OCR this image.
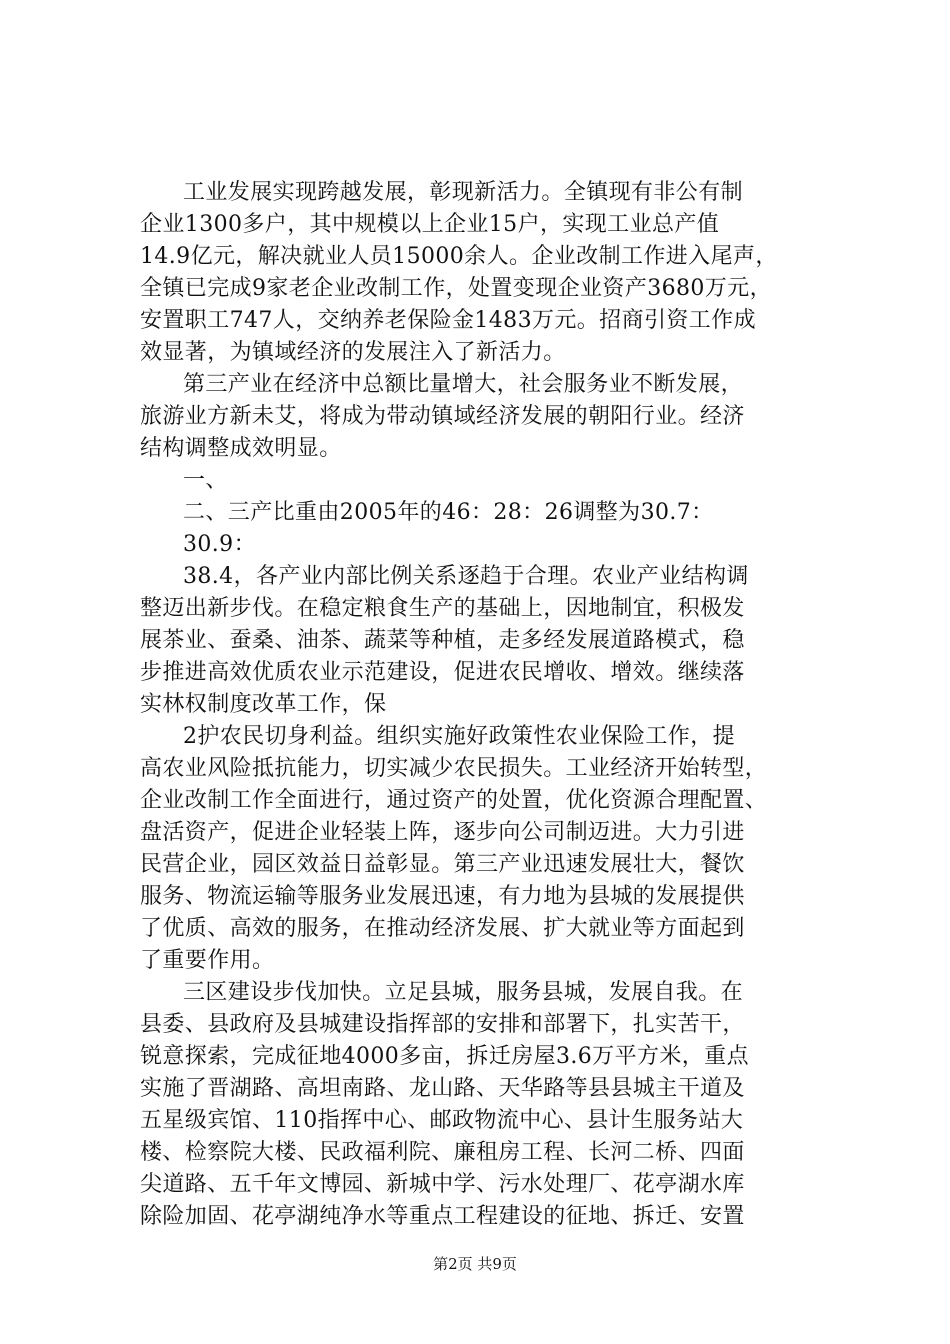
工业发展实现跨越发展，彰现新活力。全镇现有非公有制
企业1300多户，其中规模以上企业15户，实现工业总产值
14.9亿元，解决就业人员15000余人。企业改制工作进入尾声，
全镇已完成9家老企业改制工作，处置变现企业资产3680万元，
安置职工747人，交纳养老保险金1483万元。招商引资工作成
效显著，为镇域经济的发展注入了新活力。
第三产业在经济中总额比量增大，社会服务业不断发展，
旅游业方新未艾，将成为带动镇域经济发展的朝阳行业。经济
结构调整成效明显。
一、
二、三产比重由2005年的46：28：26调整为30.7：
30.9：
38.4，各产业内部比例关系逐趋于合理。农业产业结构调
整迈出新步伐。在稳定粮食生产的基础上，因地制宜，积极发
展茶业、蚕桑、油茶、蔬菜等种植，走多经发展道路模式，稳
步推进高效优质农业示范建设，促进农民增收、增效。继续落
实林权制度改革工作，保
2护农民切身利益。组织实施好政策性农业保险工作，提
高农业风险抵抗能力，切实减少农民损失。工业经济开始转型，
企业改制工作全面进行，通过资产的处置，优化资源合理配置、
盘活资产，促进企业轻装上阵，逐步向公司制迈进。大力引进
民营企业，园区效益日益彰显。第三产业迅速发展壮大，餐饮
服务、物流运输等服务业发展迅速，有力地为县城的发展提供
了优质、高效的服务，在推动经济发展、扩大就业等方面起到
了重要作用。
三区建设步伐加快。立足县城，服务县城，发展自我。在
县委、县政府及县城建设指挥部的安排和部署下，扎实苦干，
锐意探索，完成征地4000多亩，拆迁房屋3.6万平方米，重点
实施了晋湖路、高坦南路、龙山路、天华路等县县城主干道及
五星级宾馆、110指挥中心、邮政物流中心、县计生服务站大
楼、检察院大楼、民政福利院、廉租房工程、长河二桥、四面
尖道路、五千年文博园、新城中学、污水处理厂、花亭湖水库
除险加固、花亭湖纯净水等重点工程建设的征地、拆迁、安置
第2页 共9页
